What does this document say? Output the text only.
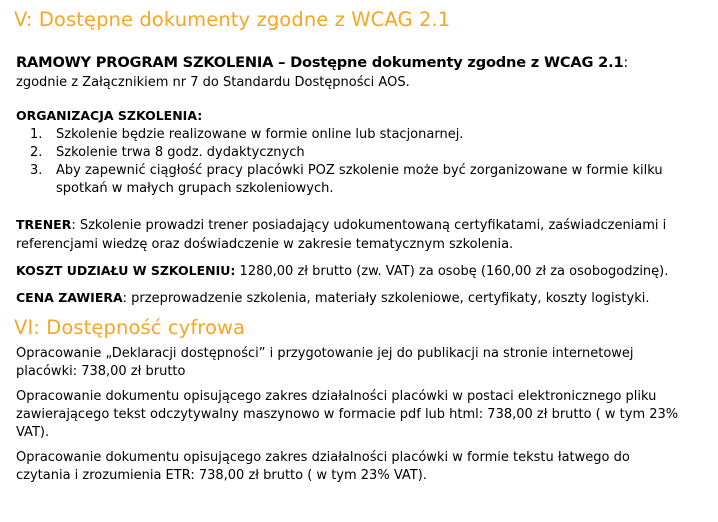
V: Dostępne dokumenty zgodne z WCAG 2.1
RAMOWY PROGRAM SZKOLENIA – Dostępne dokumenty zgodne z WCAG 2.1:
zgodnie z Załącznikiem nr 7 do Standardu Dostępności AOS.
ORGANIZACJA SZKOLENIA:
1. Szkolenie będzie realizowane w formie online lub stacjonarnej.
2. Szkolenie trwa 8 godz. dydaktycznych
3. Aby zapewnić ciągłość pracy placówki POZ szkolenie może być zorganizowane w formie kilku spotkań w małych grupach szkoleniowych.

TRENER: Szkolenie prowadzi trener posiadający udokumentowaną certyfikatami, zaświadczeniami i referencjami wiedzę oraz doświadczenie w zakresie tematycznym szkolenia.

KOSZT UDZIAŁU W SZKOLENIU: 1280,00 zł brutto (zw. VAT) za osobę (160,00 zł za osobogodzinę).

CENA ZAWIERA: przeprowadzenie szkolenia, materiały szkoleniowe, certyfikaty, koszty logistyki.

VI: Dostępność cyfrowa

Opracowanie „Deklaracji dostępności” i przygotowanie jej do publikacji na stronie internetowej placówki: 738,00 zł brutto

Opracowanie dokumentu opisującego zakres działalności placówki w postaci elektronicznego pliku zawierającego tekst odczytywalny maszynowo w formacie pdf lub html: 738,00 zł brutto ( w tym 23% VAT).

Opracowanie dokumentu opisującego zakres działalności placówki w formie tekstu łatwego do czytania i zrozumienia ETR: 738,00 zł brutto ( w tym 23% VAT).
